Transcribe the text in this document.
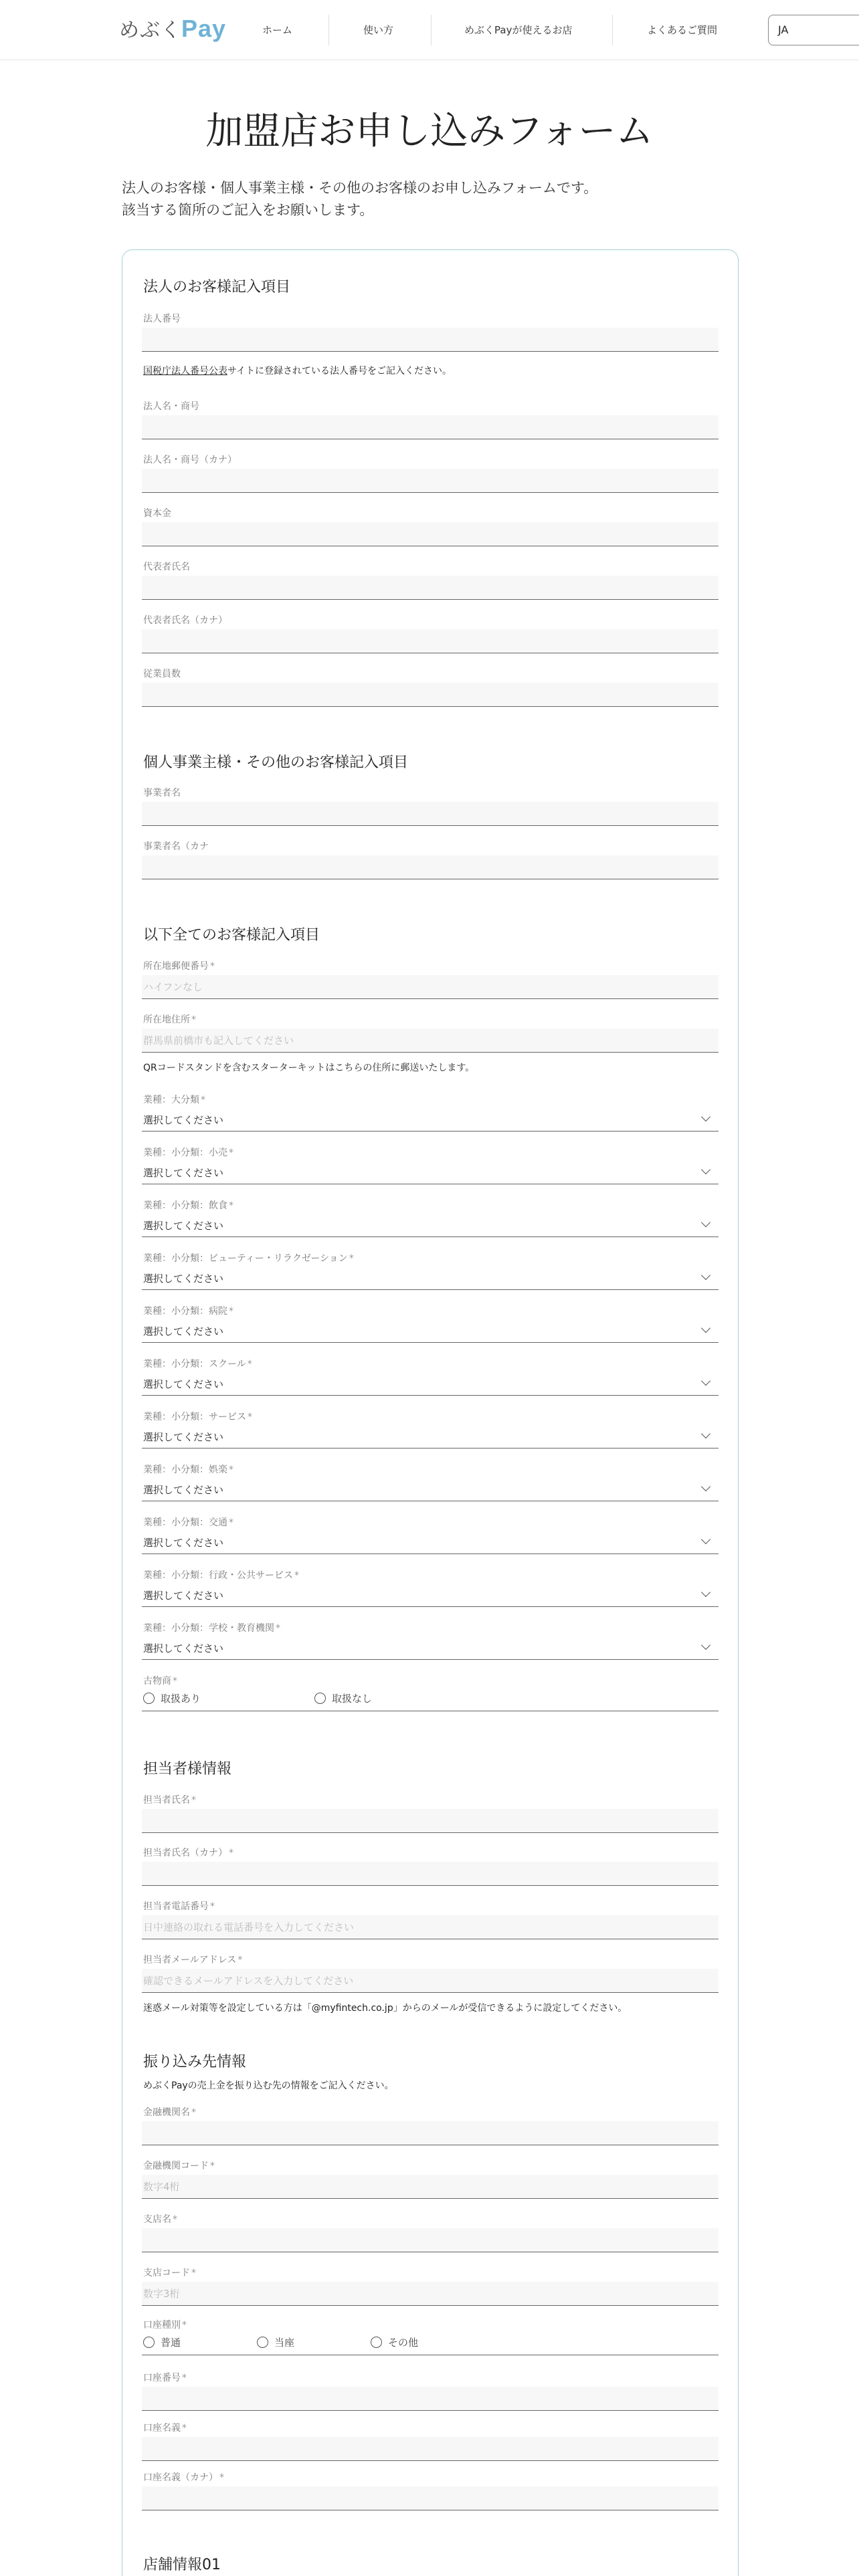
めぶくPay	ホーム	使い方	めぶくPayが使えるお店	よくあるご質問	JA
加盟店お申し込みフォーム
法人のお客様・個人事業主様・その他のお客様のお申し込みフォームです。
該当する箇所のご記入をお願いします。
法人のお客様記入項目
法人番号
国税庁法人番号公表サイトに登録されている法人番号をご記入ください。
法人名・商号
法人名・商号（カナ）
資本金
代表者氏名
代表者氏名（カナ）
従業員数
個人事業主様・その他のお客様記入項目
事業者名
事業者名（カナ
以下全てのお客様記入項目
所在地郵便番号 *
ハイフンなし
所在地住所 *
群馬県前橋市も記入してください
QRコードスタンドを含むスターターキットはこちらの住所に郵送いたします。
業種：大分類 *
選択してください
業種：小分類：小売 *
選択してください
業種：小分類：飲食 *
選択してください
業種：小分類：ビューティー・リラクゼーション *
選択してください
業種：小分類：病院 *
選択してください
業種：小分類：スクール *
選択してください
業種：小分類：サービス *
選択してください
業種：小分類：娯楽 *
選択してください
業種：小分類：交通 *
選択してください
業種：小分類：行政・公共サービス *
選択してください
業種：小分類：学校・教育機関 *
選択してください
古物商 *
取扱あり	取扱なし
担当者様情報
担当者氏名 *
担当者氏名（カナ） *
担当者電話番号 *
日中連絡の取れる電話番号を入力してください
担当者メールアドレス *
確認できるメールアドレスを入力してください
迷惑メール対策等を設定している方は「@myfintech.co.jp」からのメールが受信できるように設定してください。
振り込み先情報
めぶくPayの売上金を振り込む先の情報をご記入ください。
金融機関名 *
金融機関コード *
数字4桁
支店名 *
支店コード *
数字3桁
口座種別 *
普通	当座	その他
口座番号 *
口座名義 *
口座名義（カナ） *
店舗情報01
